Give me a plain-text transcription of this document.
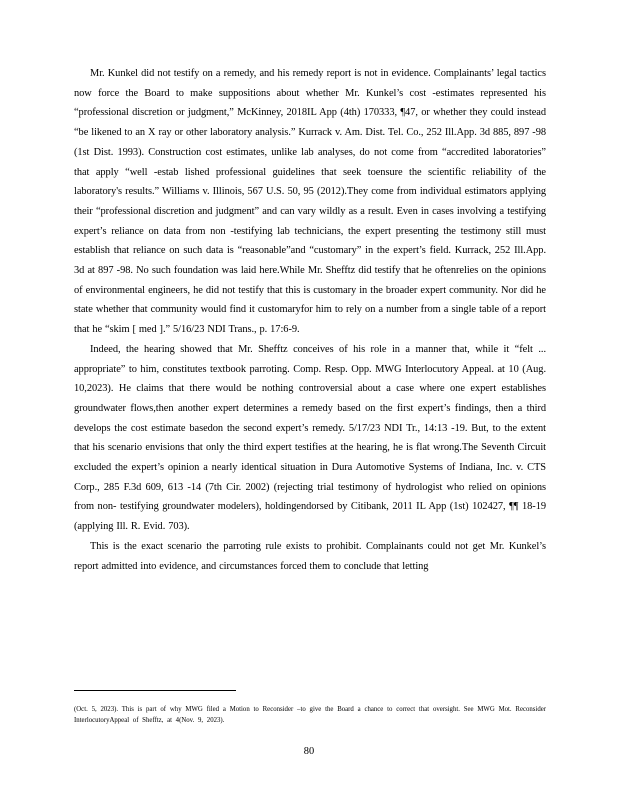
Mr. Kunkel did not testify on a remedy, and his remedy report is not in evidence. Complainants’ legal tactics now force the Board to make suppositions about whether Mr. Kunkel’s cost -estimates represented his “professional discretion or judgment,” McKinney, 2018IL App (4th) 170333, ¶47, or whether they could instead “be likened to an X ray or other laboratory analysis.” Kurrack v. Am. Dist. Tel. Co., 252 Ill.App. 3d 885, 897 -98 (1st Dist. 1993). Construction cost estimates, unlike lab analyses, do not come from “accredited laboratories” that apply “well -estab lished professional guidelines that seek toensure the scientific reliability of the laboratory's results.” Williams v. Illinois, 567 U.S. 50, 95 (2012).They come from individual estimators applying their “professional discretion and judgment” and can vary wildly as a result. Even in cases involving a testifying expert’s reliance on data from non -testifying lab technicians, the expert presenting the testimony still must establish that reliance on such data is “reasonable”and “customary” in the expert’s field. Kurrack, 252 Ill.App. 3d at 897 -98. No such foundation was laid here.While Mr. Shefftz did testify that he oftenrelies on the opinions of environmental engineers, he did not testify that this is customary in the broader expert community. Nor did he state whether that community would find it customaryfor him to rely on a number from a single table of a report that he “skim [ med ].” 5/16/23 NDI Trans., p. 17:6-9.

Indeed, the hearing showed that Mr. Shefftz conceives of his role in a manner that, while it “felt ... appropriate” to him, constitutes textbook parroting. Comp. Resp. Opp. MWG Interlocutory Appeal. at 10 (Aug. 10,2023). He claims that there would be nothing controversial about a case where one expert establishes groundwater flows,then another expert determines a remedy based on the first expert’s findings, then a third develops the cost estimate basedon the second expert’s remedy. 5/17/23 NDI Tr., 14:13 -19. But, to the extent that his scenario envisions that only the third expert testifies at the hearing, he is flat wrong.The Seventh Circuit excluded the expert’s opinion a nearly identical situation in Dura Automotive Systems of Indiana, Inc. v. CTS Corp., 285 F.3d 609, 613 -14 (7th Cir. 2002) (rejecting trial testimony of hydrologist who relied on opinions from non- testifying groundwater modelers), holdingendorsed by Citibank, 2011 IL App (1st) 102427, ¶¶ 18-19 (applying Ill. R. Evid. 703).

This is the exact scenario the parroting rule exists to prohibit. Complainants could not get Mr. Kunkel’s report admitted into evidence, and circumstances forced them to conclude that letting

(Oct. 5, 2023). This is part of why MWG filed a Motion to Reconsider –to give the Board a chance to correct that oversight. See MWG Mot. Reconsider InterlocutoryAppeal of Shefftz, at 4(Nov. 9, 2023).

80
